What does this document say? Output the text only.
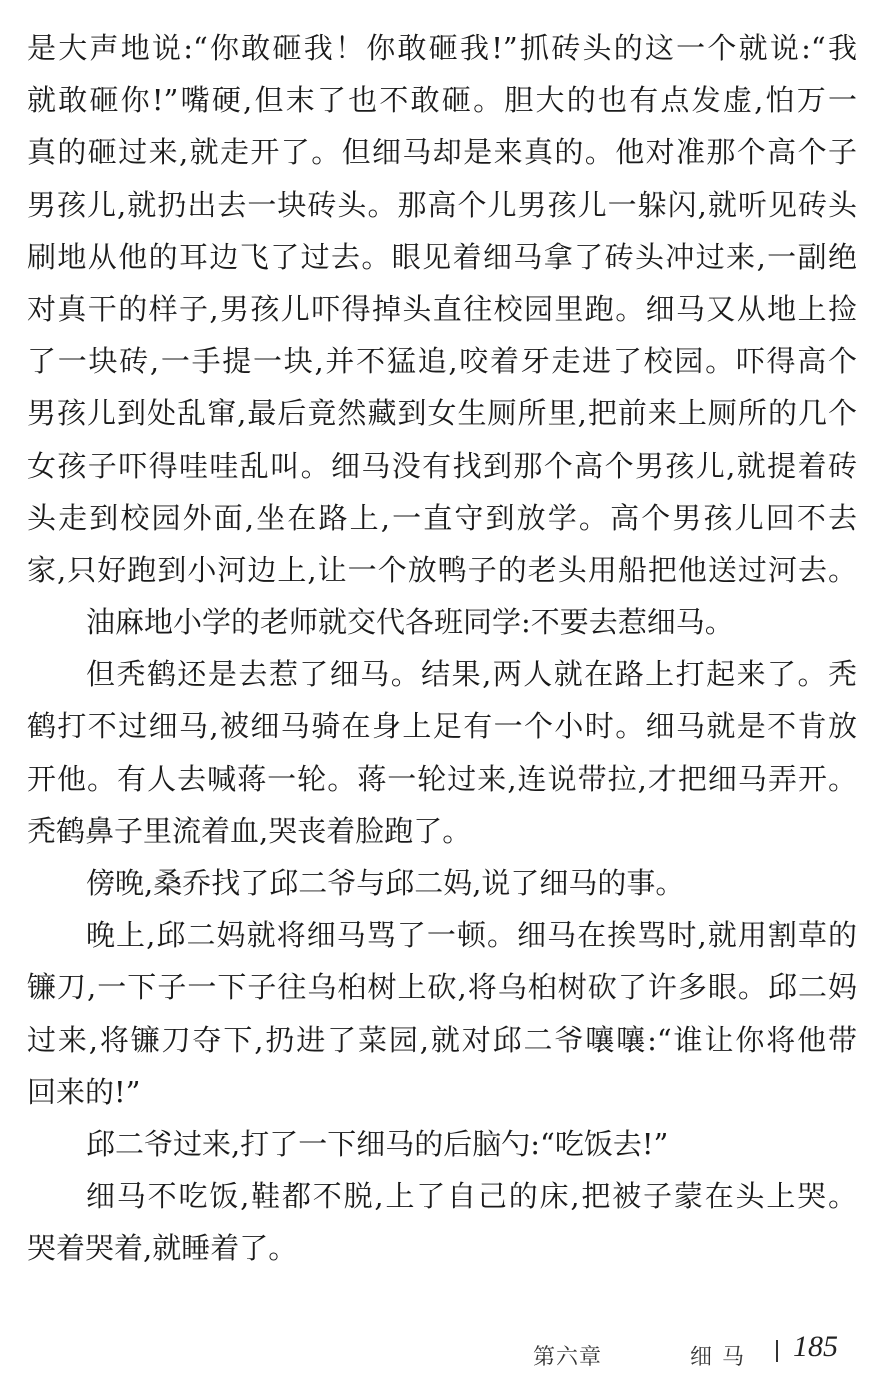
是大声地说:“你敢砸我！你敢砸我!”抓砖头的这一个就说:“我
就敢砸你!”嘴硬,但末了也不敢砸。胆大的也有点发虚,怕万一
真的砸过来,就走开了。但细马却是来真的。他对准那个高个子
男孩儿,就扔出去一块砖头。那高个儿男孩儿一躲闪,就听见砖头
刷地从他的耳边飞了过去。眼见着细马拿了砖头冲过来,一副绝
对真干的样子,男孩儿吓得掉头直往校园里跑。细马又从地上捡
了一块砖,一手提一块,并不猛追,咬着牙走进了校园。吓得高个
男孩儿到处乱窜,最后竟然藏到女生厕所里,把前来上厕所的几个
女孩子吓得哇哇乱叫。细马没有找到那个高个男孩儿,就提着砖
头走到校园外面,坐在路上,一直守到放学。高个男孩儿回不去
家,只好跑到小河边上,让一个放鸭子的老头用船把他送过河去。
油麻地小学的老师就交代各班同学:不要去惹细马。
但秃鹤还是去惹了细马。结果,两人就在路上打起来了。秃
鹤打不过细马,被细马骑在身上足有一个小时。细马就是不肯放
开他。有人去喊蒋一轮。蒋一轮过来,连说带拉,才把细马弄开。
秃鹤鼻子里流着血,哭丧着脸跑了。
傍晚,桑乔找了邱二爷与邱二妈,说了细马的事。
晚上,邱二妈就将细马骂了一顿。细马在挨骂时,就用割草的
镰刀,一下子一下子往乌桕树上砍,将乌桕树砍了许多眼。邱二妈
过来,将镰刀夺下,扔进了菜园,就对邱二爷嚷嚷:“谁让你将他带
回来的!”
邱二爷过来,打了一下细马的后脑勺:“吃饭去!”
细马不吃饭,鞋都不脱,上了自己的床,把被子蒙在头上哭。
哭着哭着,就睡着了。
第六章	细马 185
